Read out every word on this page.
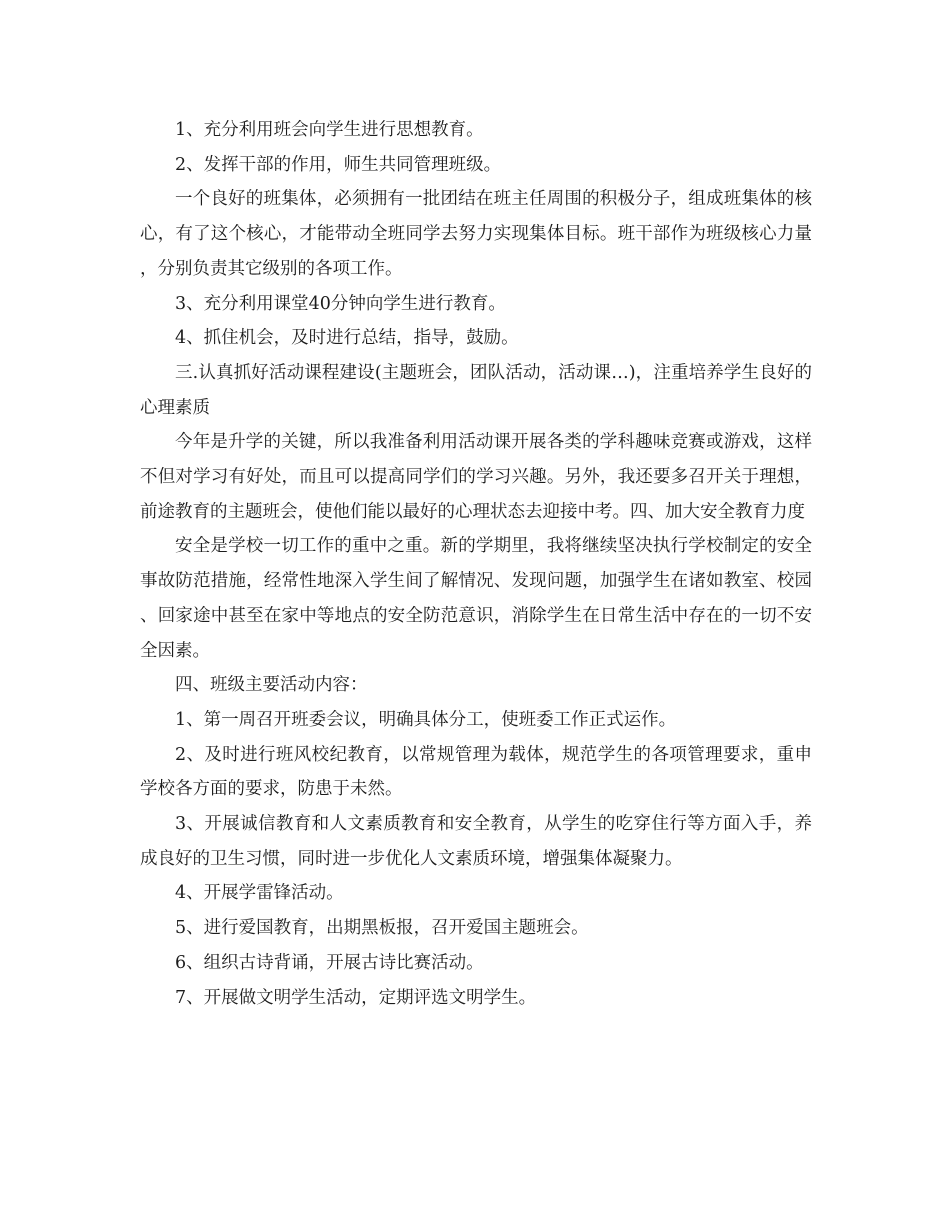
1、充分利用班会向学生进行思想教育。

2、发挥干部的作用，师生共同管理班级。

一个良好的班集体，必须拥有一批团结在班主任周围的积极分子，组成班集体的核心，有了这个核心，才能带动全班同学去努力实现集体目标。班干部作为班级核心力量，分别负责其它级别的各项工作。

3、充分利用课堂40分钟向学生进行教育。

4、抓住机会，及时进行总结，指导，鼓励。

三.认真抓好活动课程建设(主题班会，团队活动，活动课…)，注重培养学生良好的心理素质

今年是升学的关键，所以我准备利用活动课开展各类的学科趣味竞赛或游戏，这样不但对学习有好处，而且可以提高同学们的学习兴趣。另外，我还要多召开关于理想，前途教育的主题班会，使他们能以最好的心理状态去迎接中考。四、加大安全教育力度

安全是学校一切工作的重中之重。新的学期里，我将继续坚决执行学校制定的安全事故防范措施，经常性地深入学生间了解情况、发现问题，加强学生在诸如教室、校园、回家途中甚至在家中等地点的安全防范意识，消除学生在日常生活中存在的一切不安全因素。

四、班级主要活动内容：

1、第一周召开班委会议，明确具体分工，使班委工作正式运作。

2、及时进行班风校纪教育，以常规管理为载体，规范学生的各项管理要求，重申学校各方面的要求，防患于未然。

3、开展诚信教育和人文素质教育和安全教育，从学生的吃穿住行等方面入手，养成良好的卫生习惯，同时进一步优化人文素质环境，增强集体凝聚力。

4、开展学雷锋活动。

5、进行爱国教育，出期黑板报，召开爱国主题班会。

6、组织古诗背诵，开展古诗比赛活动。

7、开展做文明学生活动，定期评选文明学生。
